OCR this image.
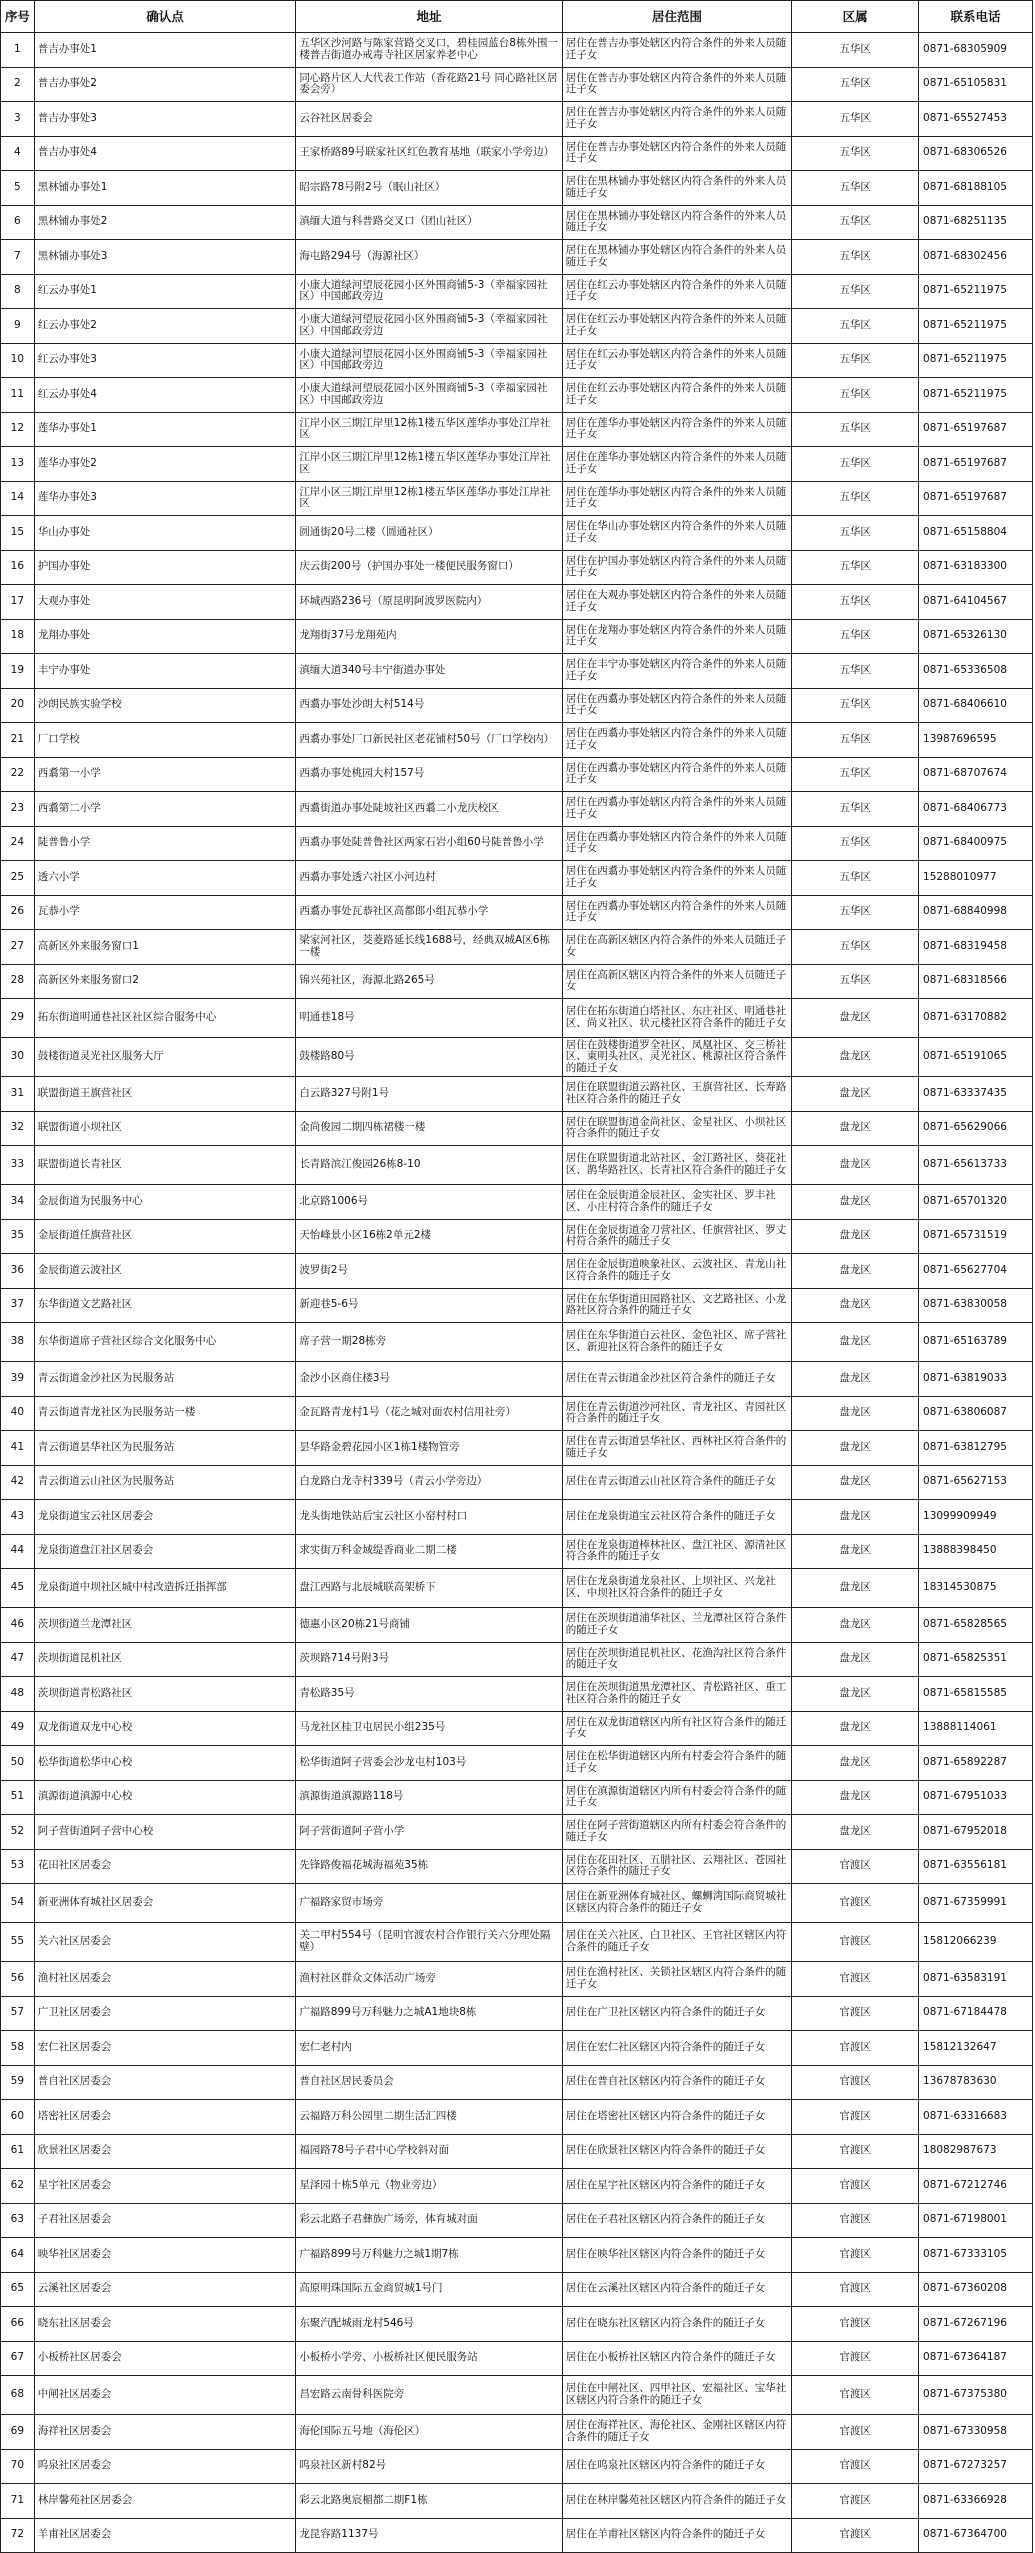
序号	确认点	地址	居住范围	区属	联系电话
1	普吉办事处1	五华区沙河路与陈家营路交叉口，碧桂园蓝台8栋外围一楼普吉街道办戒毒寺社区居家养老中心	居住在普吉办事处辖区内符合条件的外来人员随迁子女	五华区	0871-68305909
2	普吉办事处2	同心路片区人大代表工作站（香花路21号 同心路社区居委会旁）	居住在普吉办事处辖区内符合条件的外来人员随迁子女	五华区	0871-65105831
3	普吉办事处3	云谷社区居委会	居住在普吉办事处辖区内符合条件的外来人员随迁子女	五华区	0871-65527453
4	普吉办事处4	王家桥路89号联家社区红色教育基地（联家小学旁边）	居住在普吉办事处辖区内符合条件的外来人员随迁子女	五华区	0871-68306526
5	黑林铺办事处1	昭宗路78号附2号（眠山社区）	居住在黑林铺办事处辖区内符合条件的外来人员随迁子女	五华区	0871-68188105
6	黑林铺办事处2	滇缅大道与科普路交叉口（团山社区）	居住在黑林铺办事处辖区内符合条件的外来人员随迁子女	五华区	0871-68251135
7	黑林铺办事处3	海屯路294号（海源社区）	居住在黑林铺办事处辖区内符合条件的外来人员随迁子女	五华区	0871-68302456
8	红云办事处1	小康大道绿河望辰花园小区外围商铺5-3（幸福家园社区）中国邮政旁边	居住在红云办事处辖区内符合条件的外来人员随迁子女	五华区	0871-65211975
9	红云办事处2	小康大道绿河望辰花园小区外围商铺5-3（幸福家园社区）中国邮政旁边	居住在红云办事处辖区内符合条件的外来人员随迁子女	五华区	0871-65211975
10	红云办事处3	小康大道绿河望辰花园小区外围商铺5-3（幸福家园社区）中国邮政旁边	居住在红云办事处辖区内符合条件的外来人员随迁子女	五华区	0871-65211975
11	红云办事处4	小康大道绿河望辰花园小区外围商铺5-3（幸福家园社区）中国邮政旁边	居住在红云办事处辖区内符合条件的外来人员随迁子女	五华区	0871-65211975
12	莲华办事处1	江岸小区三期江岸里12栋1楼五华区莲华办事处江岸社区	居住在莲华办事处辖区内符合条件的外来人员随迁子女	五华区	0871-65197687
13	莲华办事处2	江岸小区三期江岸里12栋1楼五华区莲华办事处江岸社区	居住在莲华办事处辖区内符合条件的外来人员随迁子女	五华区	0871-65197687
14	莲华办事处3	江岸小区三期江岸里12栋1楼五华区莲华办事处江岸社区	居住在莲华办事处辖区内符合条件的外来人员随迁子女	五华区	0871-65197687
15	华山办事处	圆通街20号二楼（圆通社区）	居住在华山办事处辖区内符合条件的外来人员随迁子女	五华区	0871-65158804
16	护国办事处	庆云街200号（护国办事处一楼便民服务窗口）	居住在护国办事处辖区内符合条件的外来人员随迁子女	五华区	0871-63183300
17	大观办事处	环城西路236号（原昆明阿波罗医院内）	居住在大观办事处辖区内符合条件的外来人员随迁子女	五华区	0871-64104567
18	龙翔办事处	龙翔街37号龙翔苑内	居住在龙翔办事处辖区内符合条件的外来人员随迁子女	五华区	0871-65326130
19	丰宁办事处	滇缅大道340号丰宁街道办事处	居住在丰宁办事处辖区内符合条件的外来人员随迁子女	五华区	0871-65336508
20	沙朗民族实验学校	西翥办事处沙朗大村514号	居住在西翥办事处辖区内符合条件的外来人员随迁子女	五华区	0871-68406610
21	厂口学校	西翥办事处厂口新民社区老花铺村50号（厂口学校内）	居住在西翥办事处辖区内符合条件的外来人员随迁子女	五华区	13987696595
22	西翥第一小学	西翥办事处桃园大村157号	居住在西翥办事处辖区内符合条件的外来人员随迁子女	五华区	0871-68707674
23	西翥第二小学	西翥街道办事处陡坡社区西翥二小龙庆校区	居住在西翥办事处辖区内符合条件的外来人员随迁子女	五华区	0871-68406773
24	陡普鲁小学	西翥办事处陡普鲁社区两家石岩小组60号陡普鲁小学	居住在西翥办事处辖区内符合条件的外来人员随迁子女	五华区	0871-68400975
25	透六小学	西翥办事处透六社区小河边村	居住在西翥办事处辖区内符合条件的外来人员随迁子女	五华区	15288010977
26	瓦恭小学	西翥办事处瓦恭社区高都郎小组瓦恭小学	居住在西翥办事处辖区内符合条件的外来人员随迁子女	五华区	0871-68840998
27	高新区外来服务窗口1	梁家河社区，茭菱路延长线1688号，经典双城A区6栋一楼	居住在高新区辖区内符合条件的外来人员随迁子女	五华区	0871-68319458
28	高新区外来服务窗口2	锦兴苑社区，海源北路265号	居住在高新区辖区内符合条件的外来人员随迁子女	五华区	0871-68318566
29	拓东街道明通巷社区社区综合服务中心	明通巷18号	居住在拓东街道白塔社区、东庄社区、明通巷社区、尚义社区、状元楼社区符合条件的随迁子女	盘龙区	0871-63170882
30	鼓楼街道灵光社区服务大厅	鼓楼路80号	居住在鼓楼街道罗全社区、凤凰社区、交三桥社区、東明头社区、灵光社区、桃源社区符合条件的随迁子女	盘龙区	0871-65191065
31	联盟街道王旗营社区	白云路327号附1号	居住在联盟街道云路社区、王旗营社区、长寿路社区符合条件的随迁子女	盘龙区	0871-63337435
32	联盟街道小坝社区	金尚俊园二期四栋裙楼一楼	居住在联盟街道金尚社区、金星社区、小坝社区符合条件的随迁子女	盘龙区	0871-65629066
33	联盟街道长青社区	长青路滨江俊园26栋8-10	居住在联盟街道北站社区、金江路社区、葵花社区、鹊华路社区、长青社区符合条件的随迁子女	盘龙区	0871-65613733
34	金辰街道为民服务中心	北京路1006号	居住在金辰街道金辰社区、金实社区、罗丰社区、小庄村符合条件的随迁子女	盘龙区	0871-65701320
35	金辰街道任旗营社区	天怡峰景小区16栋2单元2楼	居住在金辰街道金刀营社区、任旗营社区、罗丈村符合条件的随迁子女	盘龙区	0871-65731519
36	金辰街道云波社区	波罗街2号	居住在金辰街道映象社区、云波社区、青龙山社区符合条件的随迁子女	盘龙区	0871-65627704
37	东华街道文艺路社区	新迎巷5-6号	居住在东华街道田园路社区、文艺路社区、小龙路社区符合条件的随迁子女	盘龙区	0871-63830058
38	东华街道席子营社区综合文化服务中心	席子营一期28栋旁	居住在东华街道白云社区、金色社区、席子营社区、新迎社区符合条件的随迁子女	盘龙区	0871-65163789
39	青云街道金沙社区为民服务站	金沙小区商住楼3号	居住在青云街道金沙社区符合条件的随迁子女	盘龙区	0871-63819033
40	青云街道青龙社区为民服务站一楼	金瓦路青龙村1号（花之城对面农村信用社旁）	居住在青云街道沙河社区、青龙社区、青园社区符合条件的随迁子女	盘龙区	0871-63806087
41	青云街道昙华社区为民服务站	昙华路金碧花园小区1栋1楼物管旁	居住在青云街道昙华社区、西林社区符合条件的随迁子女	盘龙区	0871-63812795
42	青云街道云山社区为民服务站	白龙路白龙寺村339号（青云小学旁边）	居住在青云街道云山社区符合条件的随迁子女	盘龙区	0871-65627153
43	龙泉街道宝云社区居委会	龙头街地铁站后宝云社区小窑村村口	居住在龙泉街道宝云社区符合条件的随迁子女	盘龙区	13099909949
44	龙泉街道盘江社区居委会	求实街万科金域缇香商业二期二楼	居住在龙泉街道棒林社区、盘江社区、源清社区符合条件的随迁子女	盘龙区	13888398450
45	龙泉街道中坝社区城中村改造拆迁指挥部	盘江西路与北辰城联高架桥下	居住在龙泉街道龙泉社区、上坝社区、兴龙社区、中坝社区符合条件的随迁子女	盘龙区	18314530875
46	茨坝街道兰龙潭社区	德惠小区20栋21号商铺	居住在茨坝街道浦华社区、兰龙潭社区符合条件的随迁子女	盘龙区	0871-65828565
47	茨坝街道昆机社区	茨坝路714号附3号	居住在茨坝街道昆机社区、花渔沟社区符合条件的随迁子女	盘龙区	0871-65825351
48	茨坝街道青松路社区	青松路35号	居住在茨坝街道黑龙潭社区、青松路社区、重工社区符合条件的随迁子女	盘龙区	0871-65815585
49	双龙街道双龙中心校	马龙社区桂卫屯居民小组235号	居住在双龙街道辖区内所有社区符合条件的随迁子女	盘龙区	13888114061
50	松华街道松华中心校	松华街道阿子营委会沙龙屯村103号	居住在松华街道辖区内所有村委会符合条件的随迁子女	盘龙区	0871-65892287
51	滇源街道滇源中心校	滇源街道滇源路118号	居住在滇源街道辖区内所有村委会符合条件的随迁子女	盘龙区	0871-67951033
52	阿子营街道阿子营中心校	阿子营街道阿子营小学	居住在阿子营街道辖区内所有村委会符合条件的随迁子女	盘龙区	0871-67952018
53	花田社区居委会	先锋路俊福花城海福苑35栋	居住在花田社区、五腊社区、云翔社区、苍园社区符合条件的随迁子女	官渡区	0871-63556181
54	新亚洲体育城社区居委会	广福路家贸市场旁	居住在新亚洲体育城社区、螺蛳湾国际商贸城社区辖区内符合条件的随迁子女	官渡区	0871-67359991
55	关六社区居委会	关二甲村554号（昆明官渡农村合作银行关六分理处隔壁）	居住在关六社区、白卫社区、王官社区辖区内符合条件的随迁子女	官渡区	15812066239
56	渔村社区居委会	渔村社区群众文体活动广场旁	居住在渔村社区、关锁社区辖区内符合条件的随迁子女	官渡区	0871-63583191
57	广卫社区居委会	广福路899号万科魅力之城A1地块8栋	居住在广卫社区辖区内符合条件的随迁子女	官渡区	0871-67184478
58	宏仁社区居委会	宏仁老村内	居住在宏仁社区辖区内符合条件的随迁子女	官渡区	15812132647
59	普自社区居委会	普自社区居民委员会	居住在普自社区辖区内符合条件的随迁子女	官渡区	13678783630
60	塔密社区居委会	云福路万科公园里二期生活汇四楼	居住在塔密社区辖区内符合条件的随迁子女	官渡区	0871-63316683
61	欣景社区居委会	福园路78号子君中心学校斜对面	居住在欣景社区辖区内符合条件的随迁子女	官渡区	18082987673
62	星宇社区居委会	星泽园十栋5单元（物业旁边）	居住在星宇社区辖区内符合条件的随迁子女	官渡区	0871-67212746
63	子君社区居委会	彩云北路子君彝族广场旁，体育城对面	居住在子君社区辖区内符合条件的随迁子女	官渡区	0871-67198001
64	映华社区居委会	广福路899号万科魅力之城1期7栋	居住在映华社区辖区内符合条件的随迁子女	官渡区	0871-67333105
65	云溪社区居委会	高原明珠国际五金商贸城1号门	居住在云溪社区辖区内符合条件的随迁子女	官渡区	0871-67360208
66	晓东社区居委会	东聚汽配城雨龙村546号	居住在晓东社区辖区内符合条件的随迁子女	官渡区	0871-67267196
67	小板桥社区居委会	小板桥小学旁、小板桥社区便民服务站	居住在小板桥社区辖区内符合条件的随迁子女	官渡区	0871-67364187
68	中闸社区居委会	昌宏路云南骨科医院旁	居住在中闸社区、四甲社区、宏福社区、宝华社区辖区内符合条件的随迁子女	官渡区	0871-67375380
69	海祥社区居委会	海伦国际五号地（海伦区）	居住在海祥社区、海伦社区、金刚社区辖区内符合条件的随迁子女	官渡区	0871-67330958
70	呜泉社区居委会	呜泉社区新村82号	居住在呜泉社区辖区内符合条件的随迁子女	官渡区	0871-67273257
71	林岸馨苑社区居委会	彩云北路奥宸楣都二期F1栋	居住在林岸馨苑社区辖区内符合条件的随迁子女	官渡区	0871-63366928
72	羊甫社区居委会	龙昆容路1137号	居住在羊甫社区辖区内符合条件的随迁子女	官渡区	0871-67364700
